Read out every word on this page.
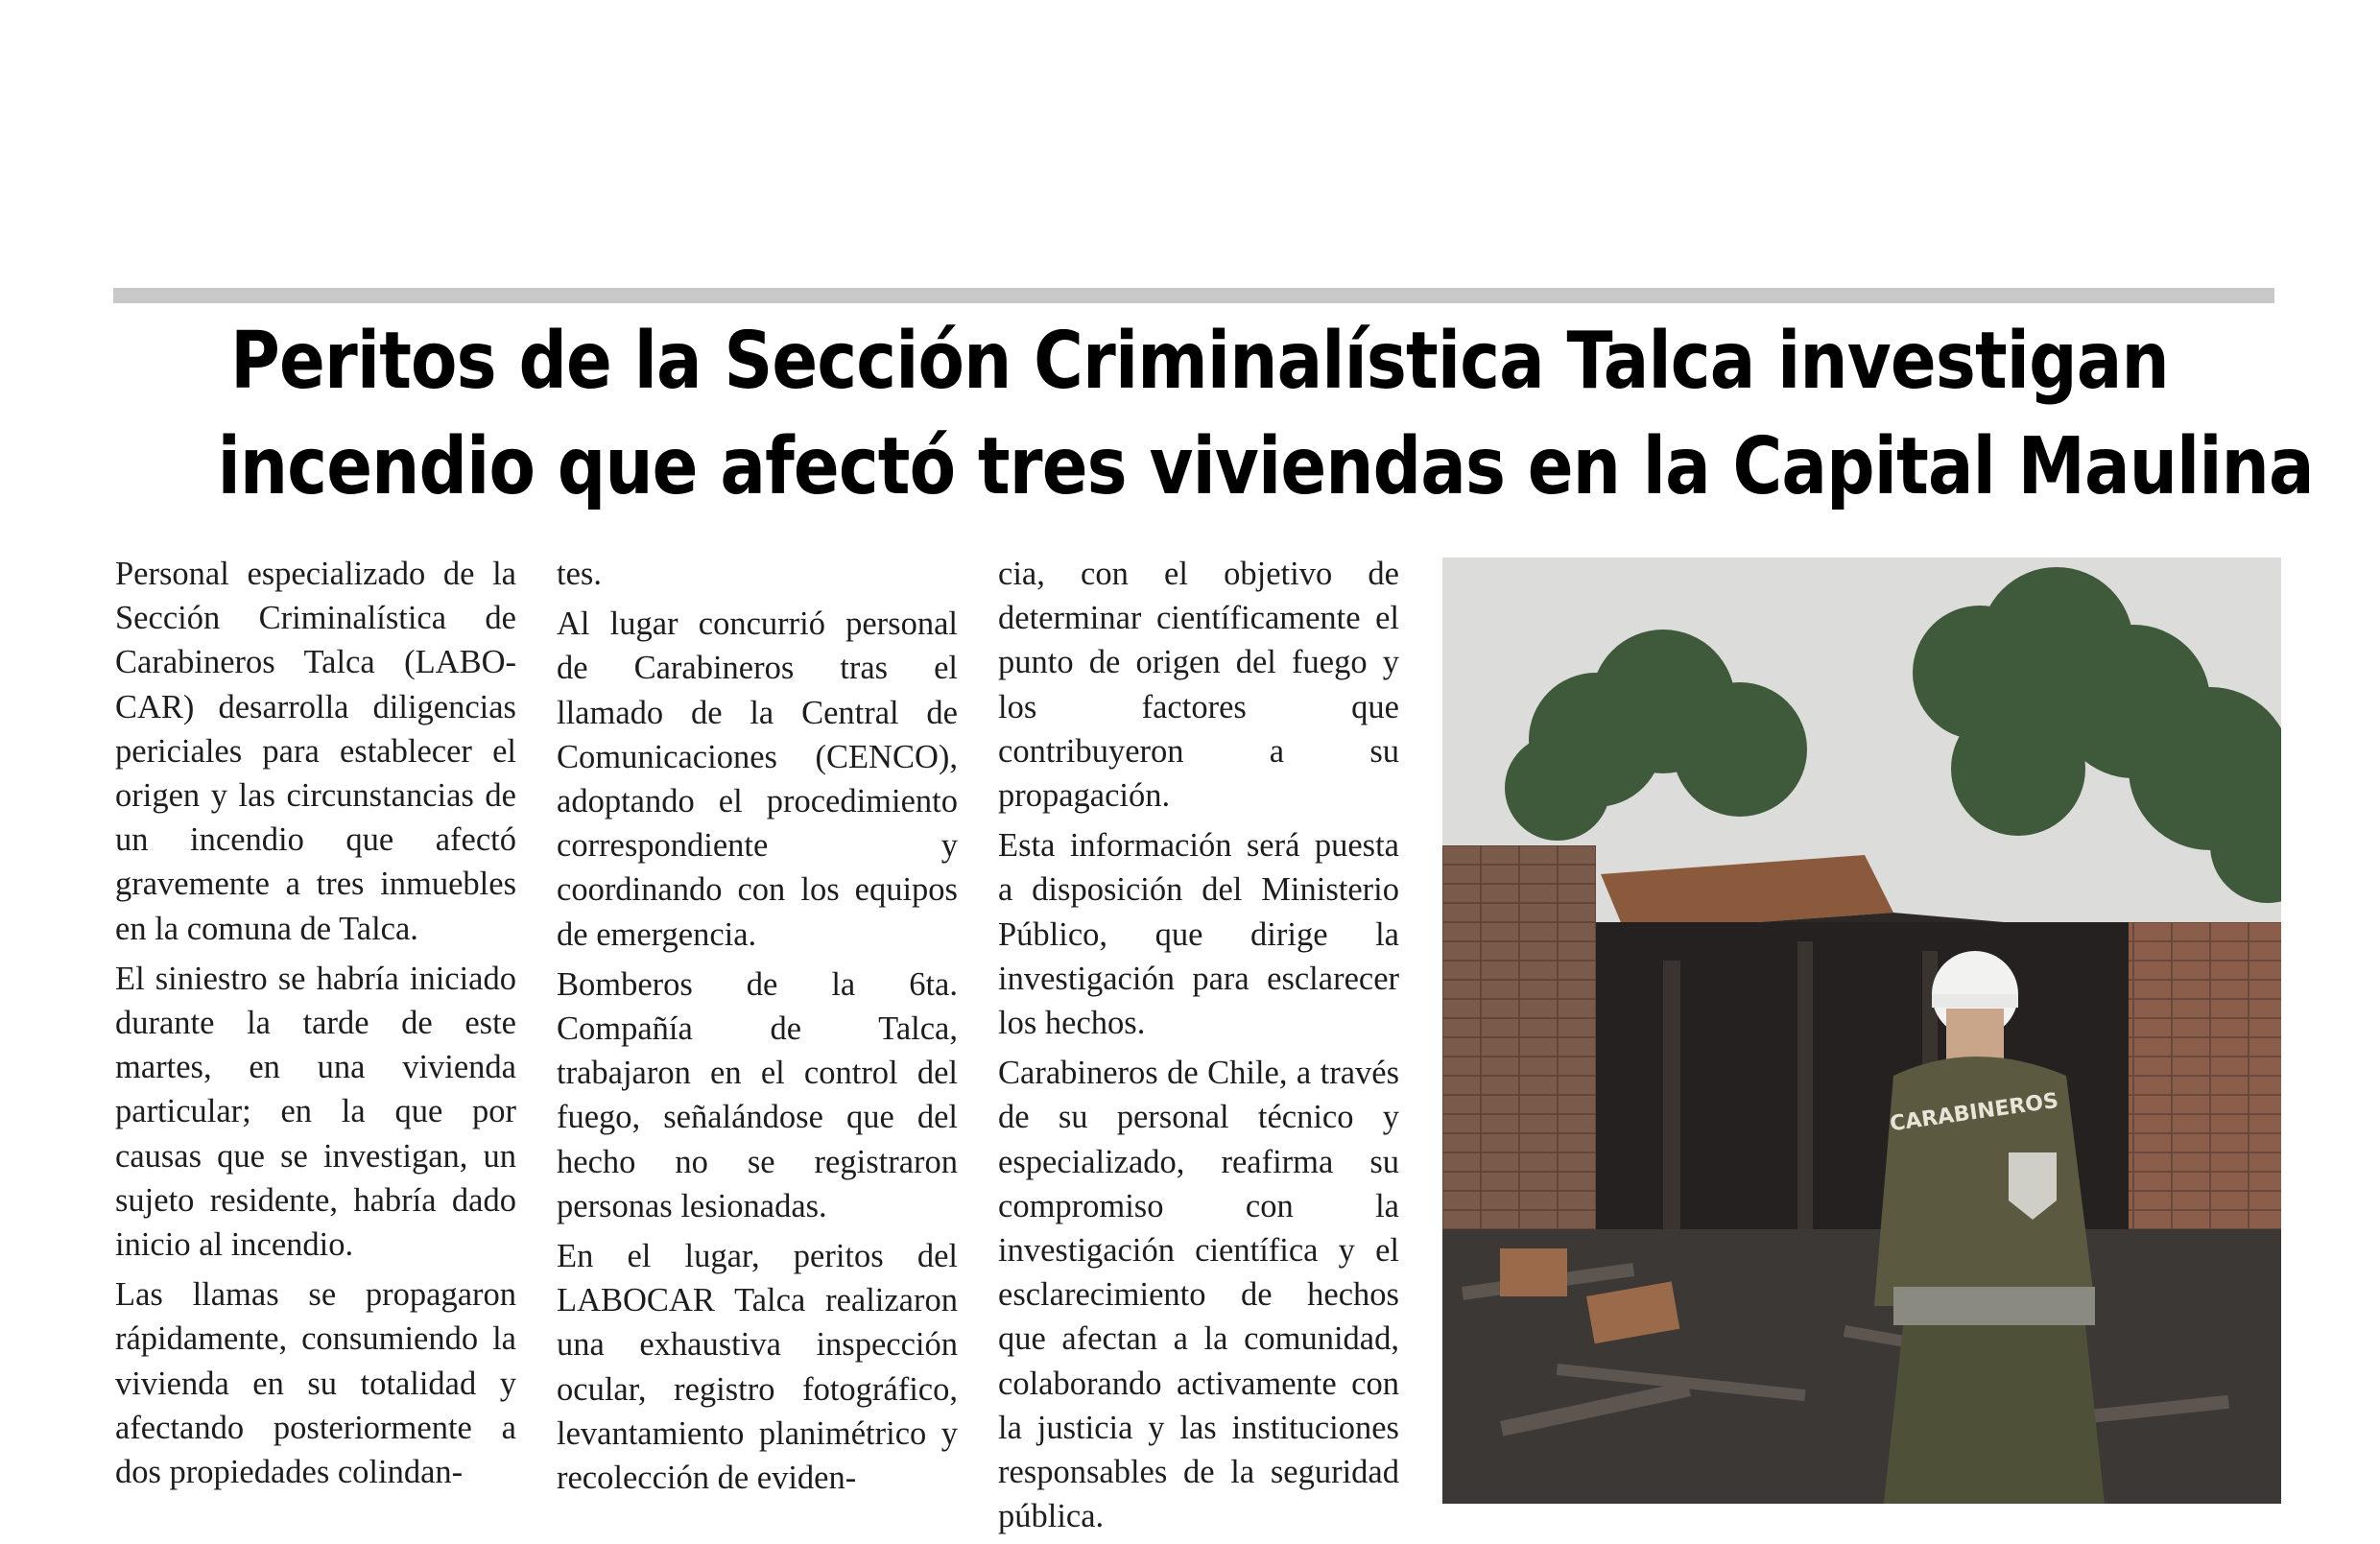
Peritos de la Sección Criminalística Talca investigan
incendio que afectó tres viviendas en la Capital Maulina

Personal especializado de la Sección Criminalística de Carabineros Talca (LABO-CAR) desarrolla diligencias periciales para establecer el origen y las circunstancias de un incendio que afectó gravemente a tres inmuebles en la comuna de Talca.

El siniestro se habría iniciado durante la tarde de este martes, en una vivienda particular; en la que por causas que se investigan, un sujeto residente, habría dado inicio al incendio.

Las llamas se propagaron rápidamente, consumiendo la vivienda en su totalidad y afectando posteriormente a dos propiedades colindan-

tes.

Al lugar concurrió personal de Carabineros tras el llamado de la Central de Comunicaciones (CENCO), adoptando el procedimiento correspondiente y coordinando con los equipos de emergencia.

Bomberos de la 6ta. Compañía de Talca, trabajaron en el control del fuego, señalándose que del hecho no se registraron personas lesionadas.

En el lugar, peritos del LABOCAR Talca realizaron una exhaustiva inspección ocular, registro fotográfico, levantamiento planimétrico y recolección de eviden-

cia, con el objetivo de determinar científicamente el punto de origen del fuego y los factores que contribuyeron a su propagación.

Esta información será puesta a disposición del Ministerio Público, que dirige la investigación para esclarecer los hechos.

Carabineros de Chile, a través de su personal técnico y especializado, reafirma su compromiso con la investigación científica y el esclarecimiento de hechos que afectan a la comunidad, colaborando activamente con la justicia y las instituciones responsables de la seguridad pública.

CARABINEROS
